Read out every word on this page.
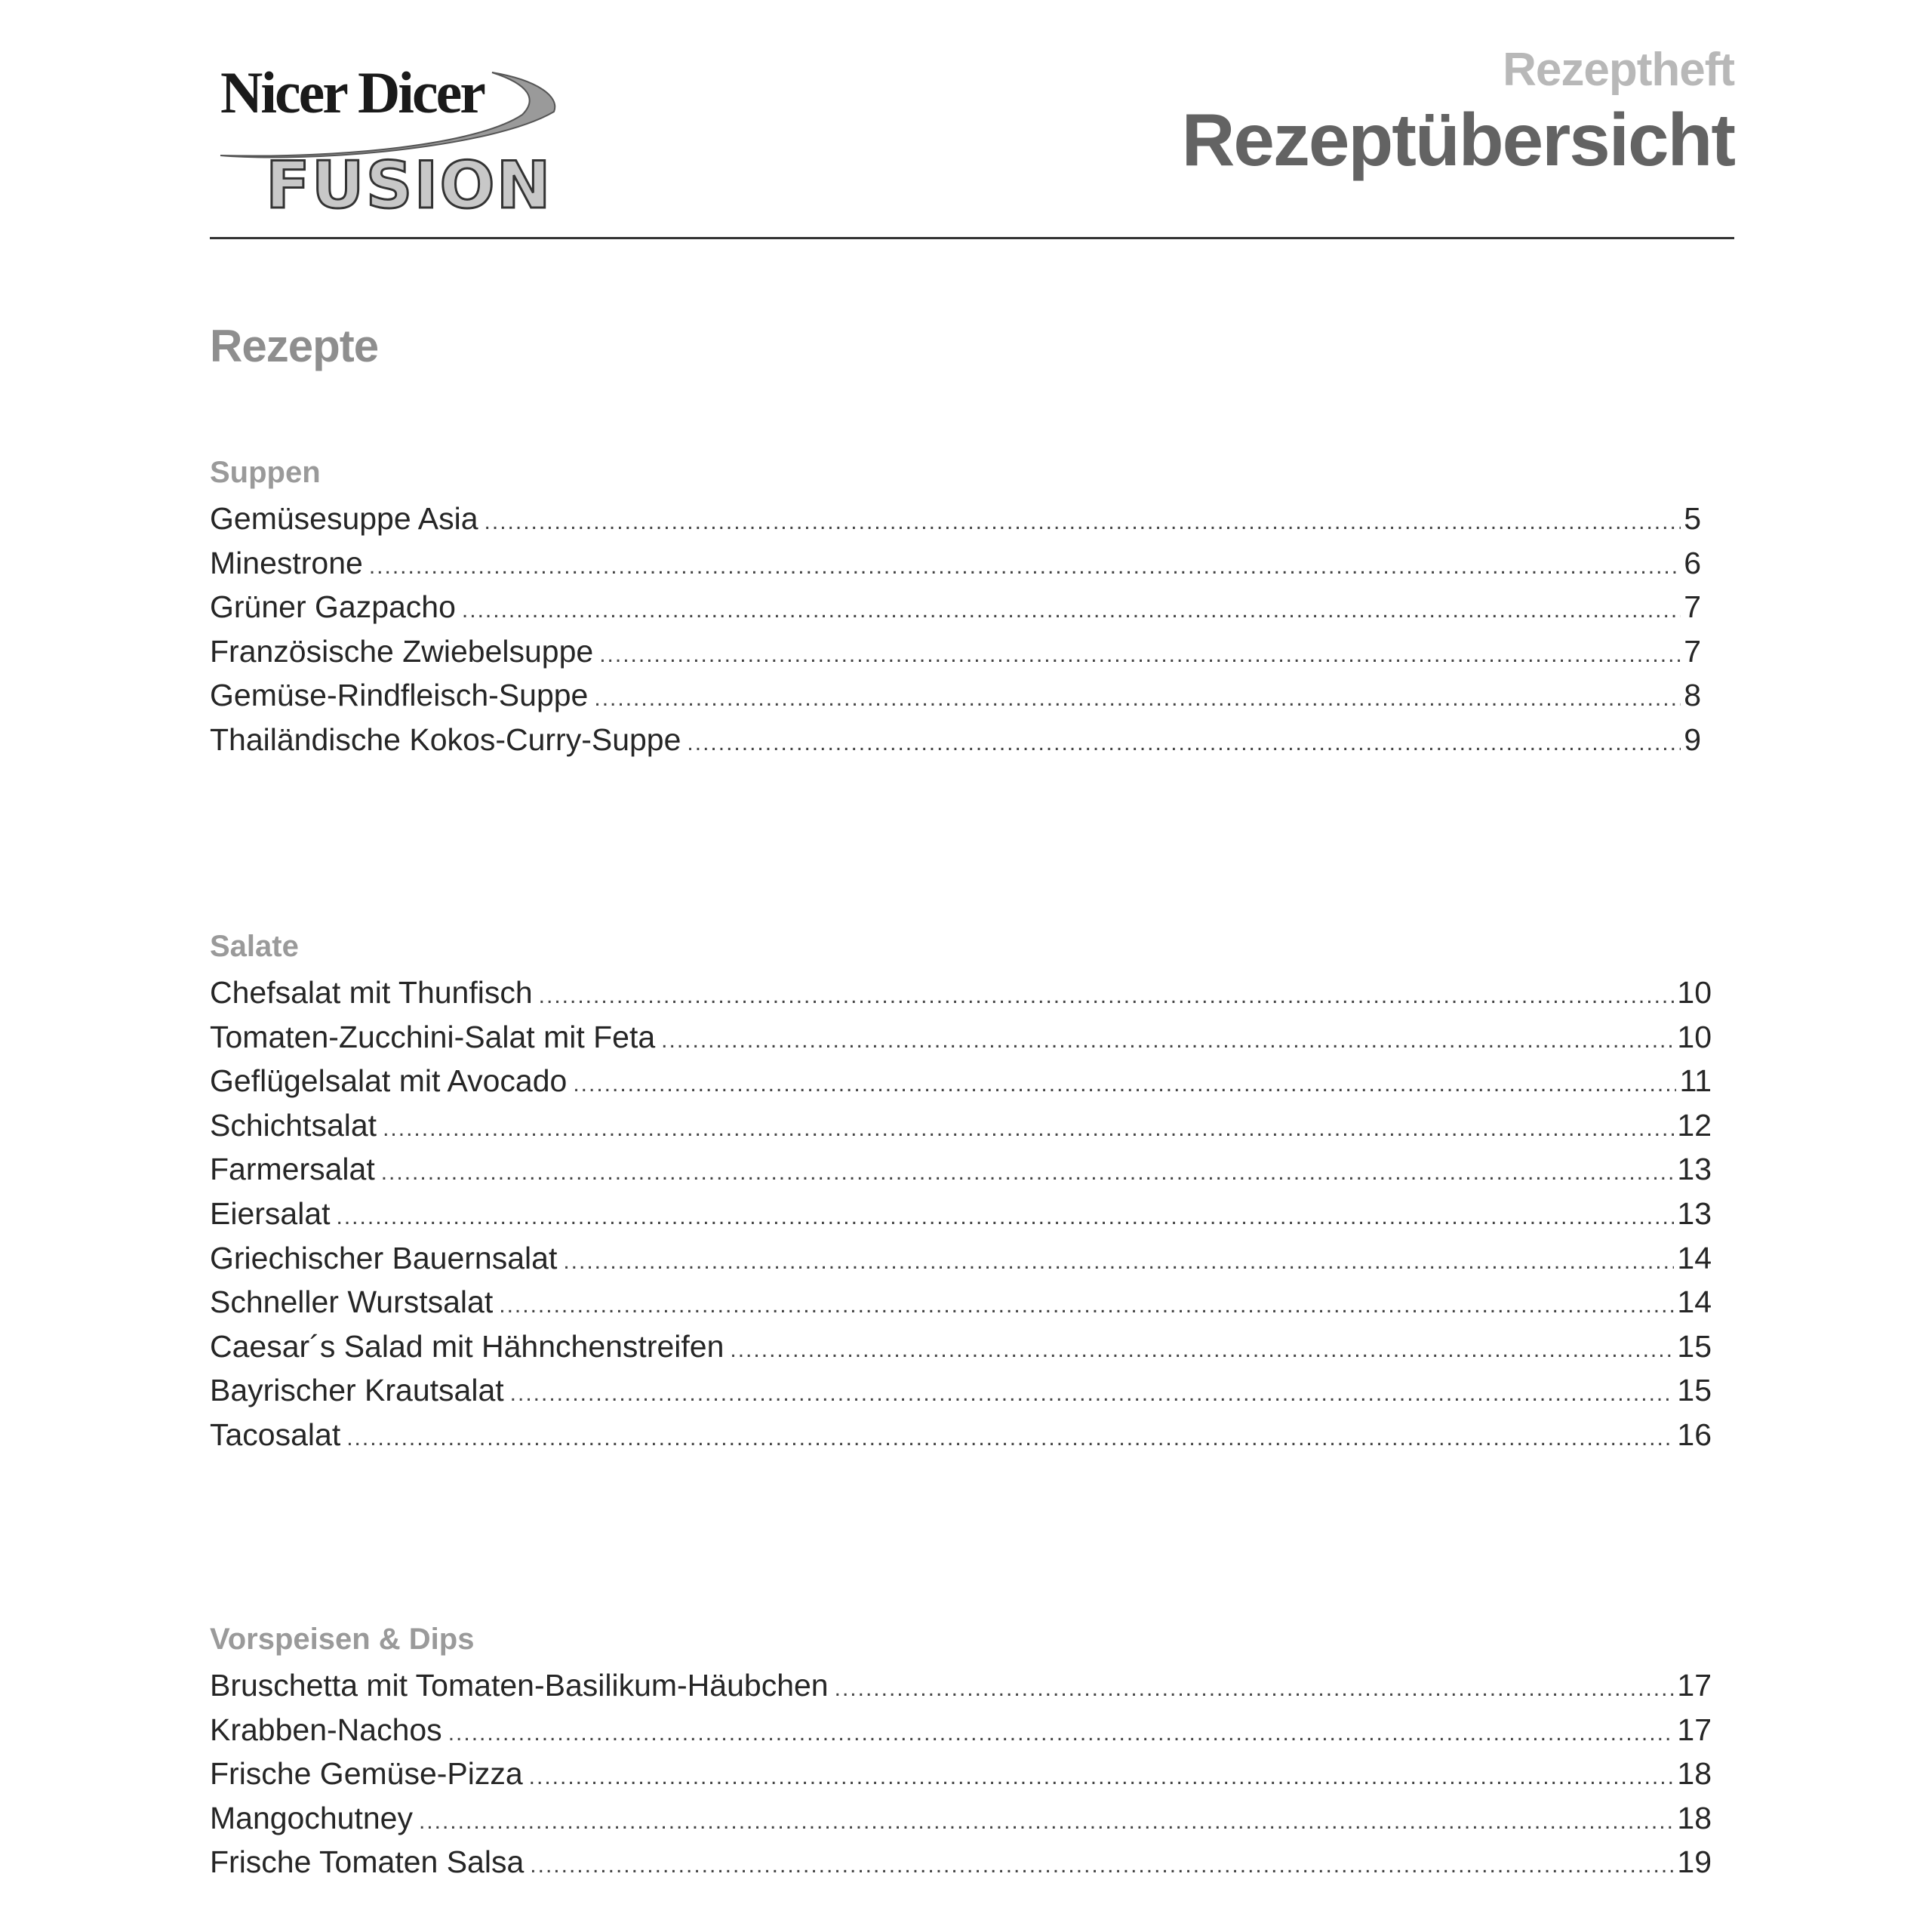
Nicer Dicer
FUSION
Rezeptheft
Rezeptübersicht
Rezepte
Suppen
Gemüsesuppe Asia .....	5
Minestrone .....	6
Grüner Gazpacho .....	7
Französische Zwiebelsuppe .....	7
Gemüse-Rindfleisch-Suppe .....	8
Thailändische Kokos-Curry-Suppe .....	9
Salate
Chefsalat mit Thunfisch .....	10
Tomaten-Zucchini-Salat mit Feta .....	10
Geflügelsalat mit Avocado .....	11
Schichtsalat .....	12
Farmersalat .....	13
Eiersalat .....	13
Griechischer Bauernsalat .....	14
Schneller Wurstsalat .....	14
Caesar´s Salad mit Hähnchenstreifen .....	15
Bayrischer Krautsalat .....	15
Tacosalat .....	16
Vorspeisen & Dips
Bruschetta mit Tomaten-Basilikum-Häubchen .....	17
Krabben-Nachos .....	17
Frische Gemüse-Pizza .....	18
Mangochutney .....	18
Frische Tomaten Salsa .....	19
